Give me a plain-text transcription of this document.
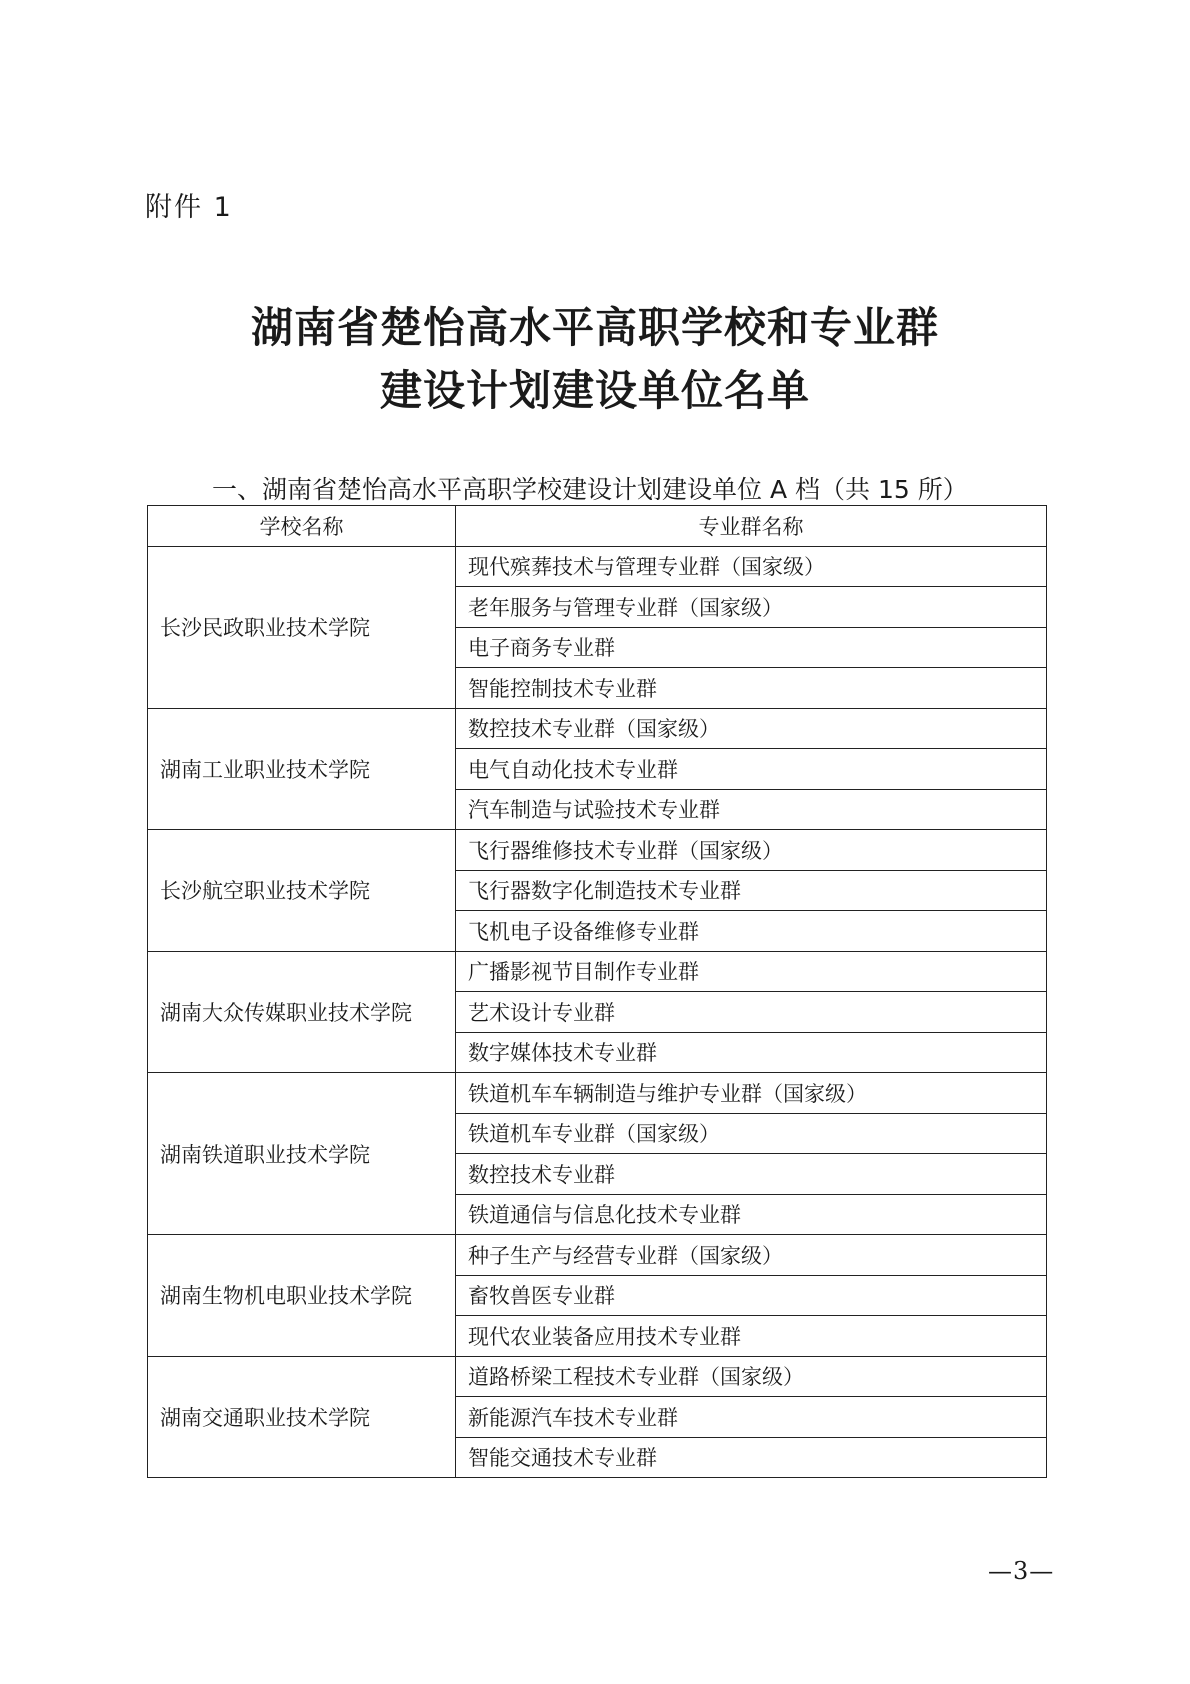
附件 1
湖南省楚怡高水平高职学校和专业群
建设计划建设单位名单
一、湖南省楚怡高水平高职学校建设计划建设单位 A 档（共 15 所）
学校名称	专业群名称
长沙民政职业技术学院	现代殡葬技术与管理专业群（国家级）
	老年服务与管理专业群（国家级）
	电子商务专业群
	智能控制技术专业群
湖南工业职业技术学院	数控技术专业群（国家级）
	电气自动化技术专业群
	汽车制造与试验技术专业群
长沙航空职业技术学院	飞行器维修技术专业群（国家级）
	飞行器数字化制造技术专业群
	飞机电子设备维修专业群
湖南大众传媒职业技术学院	广播影视节目制作专业群
	艺术设计专业群
	数字媒体技术专业群
湖南铁道职业技术学院	铁道机车车辆制造与维护专业群（国家级）
	铁道机车专业群（国家级）
	数控技术专业群
	铁道通信与信息化技术专业群
湖南生物机电职业技术学院	种子生产与经营专业群（国家级）
	畜牧兽医专业群
	现代农业装备应用技术专业群
湖南交通职业技术学院	道路桥梁工程技术专业群（国家级）
	新能源汽车技术专业群
	智能交通技术专业群
—3—
